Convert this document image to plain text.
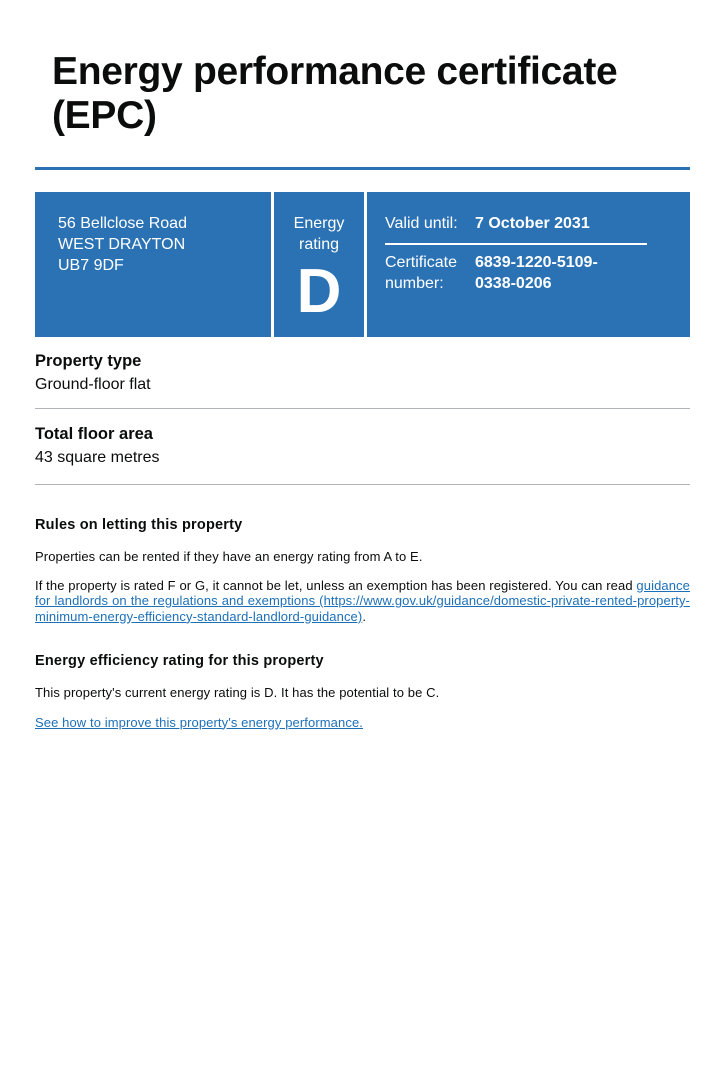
Energy performance certificate
(EPC)
56 Bellclose Road
WEST DRAYTON
UB7 9DF
Energy rating
D
Valid until:	7 October 2031
Certificate number:
6839-1220-5109-
0338-0206
Property type
Ground-floor flat
Total floor area
43 square metres
Rules on letting this property

Properties can be rented if they have an energy rating from A to E.

If the property is rated F or G, it cannot be let, unless an exemption has been registered. You can read guidance for landlords on the regulations and exemptions (https://www.gov.uk/guidance/domestic-private-rented-property-minimum-energy-efficiency-standard-landlord-guidance).

Energy efficiency rating for this property

This property's current energy rating is D. It has the potential to be C.

See how to improve this property's energy performance.
